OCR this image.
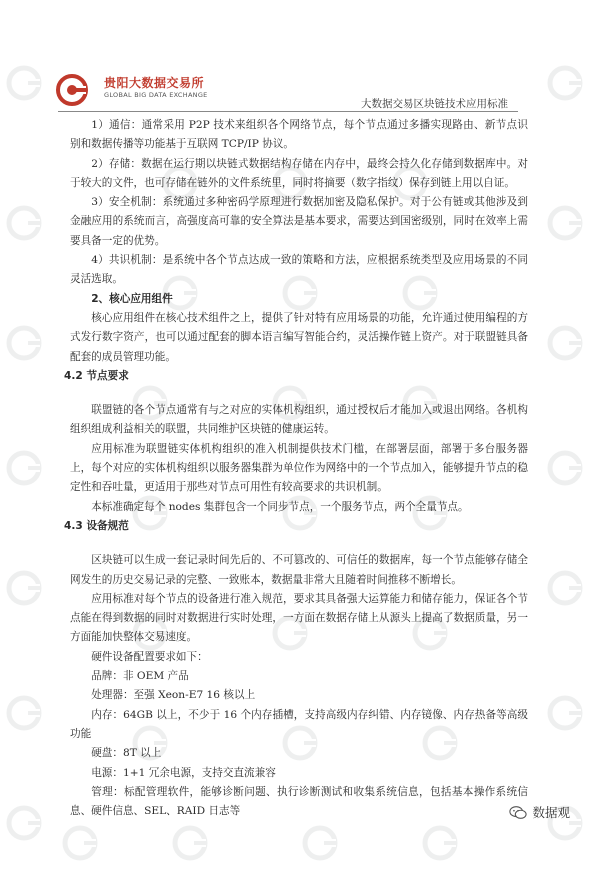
贵阳大数据交易所
GLOBAL BIG DATA EXCHANGE
大数据交易区块链技术应用标准

1）通信：通常采用 P2P 技术来组织各个网络节点，每个节点通过多播实现路由、新节点识别和数据传播等功能基于互联网 TCP/IP 协议。

2）存储：数据在运行期以块链式数据结构存储在内存中，最终会持久化存储到数据库中。对于较大的文件，也可存储在链外的文件系统里，同时将摘要（数字指纹）保存到链上用以自证。

3）安全机制：系统通过多种密码学原理进行数据加密及隐私保护。对于公有链或其他涉及到金融应用的系统而言，高强度高可靠的安全算法是基本要求，需要达到国密级别，同时在效率上需要具备一定的优势。

4）共识机制：是系统中各个节点达成一致的策略和方法，应根据系统类型及应用场景的不同灵活选取。

2、核心应用组件

核心应用组件在核心技术组件之上，提供了针对特有应用场景的功能，允许通过使用编程的方式发行数字资产，也可以通过配套的脚本语言编写智能合约，灵活操作链上资产。对于联盟链具备配套的成员管理功能。

4.2 节点要求

联盟链的各个节点通常有与之对应的实体机构组织，通过授权后才能加入或退出网络。各机构组织组成利益相关的联盟，共同维护区块链的健康运转。

应用标准为联盟链实体机构组织的准入机制提供技术门槛，在部署层面，部署于多台服务器上，每个对应的实体机构组织以服务器集群为单位作为网络中的一个节点加入，能够提升节点的稳定性和吞吐量，更适用于那些对节点可用性有较高要求的共识机制。

本标准确定每个 nodes 集群包含一个同步节点，一个服务节点，两个全量节点。

4.3 设备规范

区块链可以生成一套记录时间先后的、不可篡改的、可信任的数据库，每一个节点能够存储全网发生的历史交易记录的完整、一致账本，数据量非常大且随着时间推移不断增长。

应用标准对每个节点的设备进行准入规范，要求其具备强大运算能力和储存能力，保证各个节点能在得到数据的同时对数据进行实时处理，一方面在数据存储上从源头上提高了数据质量，另一方面能加快整体交易速度。

硬件设备配置要求如下：

品牌：非 OEM 产品

处理器：至强 Xeon-E7 16 核以上

内存：64GB 以上，不少于 16 个内存插槽，支持高级内存纠错、内存镜像、内存热备等高级功能

硬盘：8T 以上

电源：1+1 冗余电源，支持交直流兼容

管理：标配管理软件，能够诊断问题、执行诊断测试和收集系统信息，包括基本操作系统信息、硬件信息、SEL、RAID 日志等	数据观
